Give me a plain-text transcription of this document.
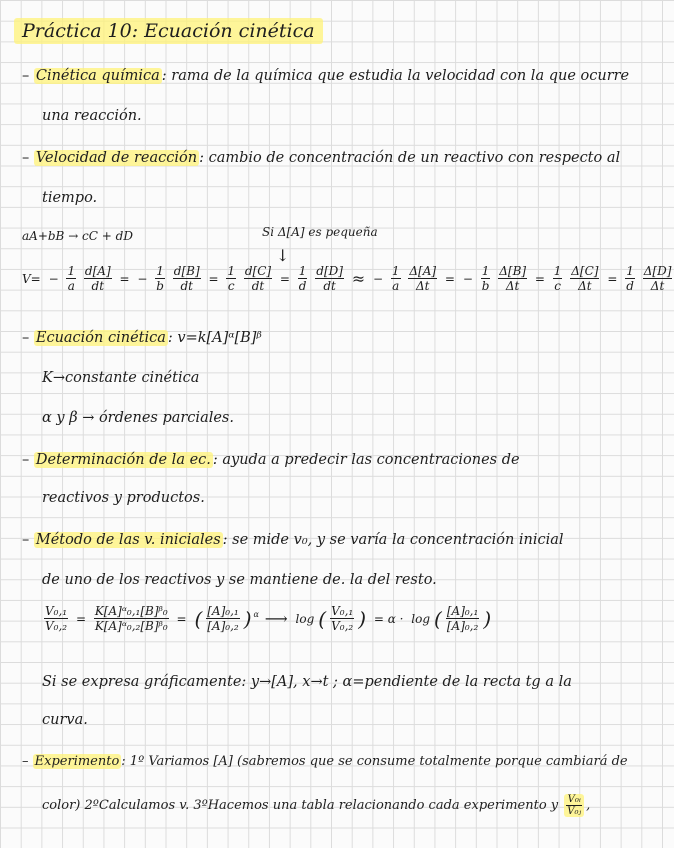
Práctica 10: Ecuación cinética
– Cinética química : rama de la química que estudia la velocidad con la que ocurre
una reacción.
– Velocidad de reacción : cambio de concentración de un reactivo con respecto al
tiempo.
aA+bB → cC + dD	Si Δ[A] es pequeña
↓
$V= - \frac{1}{a}$
$\frac{d[A]}{dt}$ = − $\frac{1}{b}$
$\frac{d[B]}{dt} = \frac{1}{c}$
$\frac{d[C]}{dt} = \frac{1}{d}$
$\frac{d[D]}{dt}$ ≈ − $\frac{1}{a}$
$\frac{\Delta[A]}{\Delta t}$ = − $\frac{1}{b}$
$\frac{\Delta[B]}{\Delta t} = \frac{1}{c}$
$\frac{\Delta[C]}{\Delta t} = \frac{1}{d}$
$\frac{\Delta[D]}{\Delta t}$
– Ecuación cinética : v=k[A]ᵅ[B]ᵝ
K→constante cinética
α y β → órdenes parciales.
– Determinación de la ec. : ayuda a predecir las concentraciones de
reactivos y productos.
– Método de las v. iniciales : se mide v₀, y se varía la concentración inicial
de uno de los reactivos y se mantiene de. la del resto.
$\frac{\text{V₀,₁}}{\text{V₀,₂}} = \frac{\text{K[A]ᵅ₀,₁[B]ᵝ₀}}{\text{K[A]ᵅ₀,₂[B]ᵝ₀}}$ = ( $\frac{\text{[A]₀,₁}}{\text{[A]₀,₂}}$ ) $^\alpha$ ⟶ log ( $\frac{\text{V₀,₁}}{\text{V₀,₂}}$ ) = α · log ( $\frac{\text{[A]₀,₁}}{\text{[A]₀,₂}}$ )
Si se expresa gráficamente: y→[A], x→t ; α=pendiente de la recta tg a la
curva.
– Experimento : 1º Variamos [A] (sabremos que se consume totalmente porque cambiará de
color) 2ºCalculamos v. 3ºHacemos una tabla relacionando cada experimento y $\frac{\text{V₀ᵢ}}{\text{V₀ⱼ}}$ ,
